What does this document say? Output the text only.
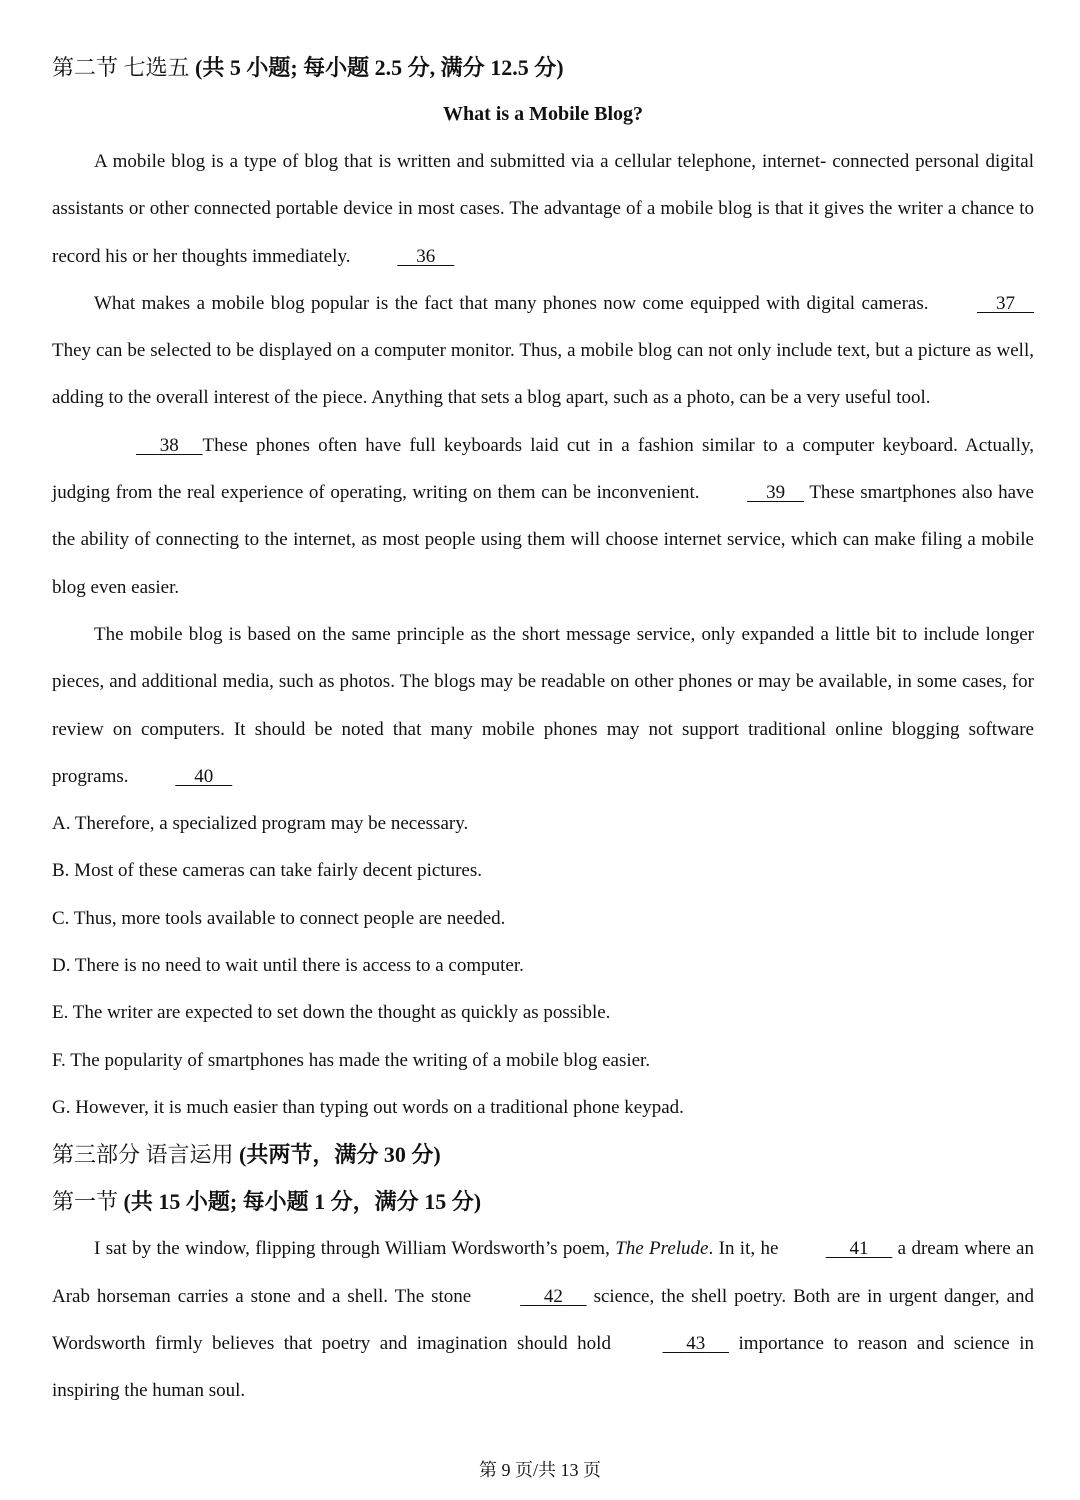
第二节 七选五 (共 5 小题; 每小题 2.5 分, 满分 12.5 分)
What is a Mobile Blog?

A mobile blog is a type of blog that is written and submitted via a cellular telephone, internet- connected personal digital assistants or other connected portable device in most cases. The advantage of a mobile blog is that it gives the writer a chance to record his or her thoughts immediately.	36

What makes a mobile blog popular is the fact that many phones now come equipped with digital cameras.	37    They can be selected to be displayed on a computer monitor. Thus, a mobile blog can not only include text, but a picture as well, adding to the overall interest of the piece. Anything that sets a blog apart, such as a photo, can be a very useful tool.

38 These phones often have full keyboards laid cut in a fashion similar to a computer keyboard. Actually, judging from the real experience of operating, writing on them can be inconvenient.	39     These smartphones also have the ability of connecting to the internet, as most people using them will choose internet service, which can make filing a mobile blog even easier.

The mobile blog is based on the same principle as the short message service, only expanded a little bit to include longer pieces, and additional media, such as photos. The blogs may be readable on other phones or may be available, in some cases, for review on computers. It should be noted that many mobile phones may not support traditional online blogging software programs.	40

A. Therefore, a specialized program may be necessary.
B. Most of these cameras can take fairly decent pictures.
C. Thus, more tools available to connect people are needed.
D. There is no need to wait until there is access to a computer.
E. The writer are expected to set down the thought as quickly as possible.
F. The popularity of smartphones has made the writing of a mobile blog easier.
G. However, it is much easier than typing out words on a traditional phone keypad.
第三部分 语言运用 (共两节，满分 30 分)
第一节 (共 15 小题; 每小题 1 分，满分 15 分)

I sat by the window, flipping through William Wordsworth’s poem, The Prelude. In it, he	41      a dream where an Arab horseman carries a stone and a shell. The stone	42      science, the shell poetry. Both are in urgent danger, and Wordsworth firmly believes that poetry and imagination should hold	43      importance to reason and science in inspiring the human soul.

第 9 页/共 13 页
